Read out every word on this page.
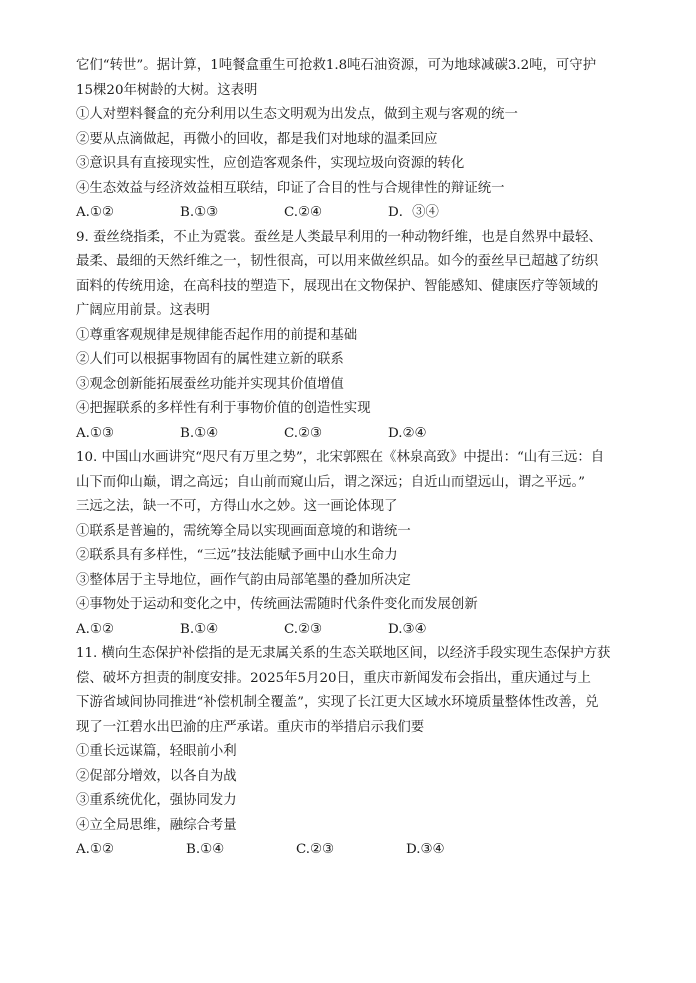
它们“转世”。据计算，1吨餐盒重生可抢救1.8吨石油资源，可为地球减碳3.2吨，可守护
15棵20年树龄的大树。这表明
①人对塑料餐盒的充分利用以生态文明观为出发点，做到主观与客观的统一
②要从点滴做起，再微小的回收，都是我们对地球的温柔回应
③意识具有直接现实性，应创造客观条件，实现垃圾向资源的转化
④生态效益与经济效益相互联结，印证了合目的性与合规律性的辩证统一
A.①②	B.①③	C.②④	D．③④
9. 蚕丝绕指柔，不止为霓裳。蚕丝是人类最早利用的一种动物纤维，也是自然界中最轻、
最柔、最细的天然纤维之一，韧性很高，可以用来做丝织品。如今的蚕丝早已超越了纺织
面料的传统用途，在高科技的塑造下，展现出在文物保护、智能感知、健康医疗等领域的
广阔应用前景。这表明
①尊重客观规律是规律能否起作用的前提和基础
②人们可以根据事物固有的属性建立新的联系
③观念创新能拓展蚕丝功能并实现其价值增值
④把握联系的多样性有利于事物价值的创造性实现
A.①③	B.①④	C.②③	D.②④
10. 中国山水画讲究“咫尺有万里之势”，北宋郭熙在《林泉高致》中提出：“山有三远：自
山下而仰山巅，谓之高远；自山前而窥山后，谓之深远；自近山而望远山，谓之平远。”
三远之法，缺一不可，方得山水之妙。这一画论体现了
①联系是普遍的，需统筹全局以实现画面意境的和谐统一
②联系具有多样性，“三远”技法能赋予画中山水生命力
③整体居于主导地位，画作气韵由局部笔墨的叠加所决定
④事物处于运动和变化之中，传统画法需随时代条件变化而发展创新
A.①②	B.①④	C.②③	D.③④
11. 横向生态保护补偿指的是无隶属关系的生态关联地区间，以经济手段实现生态保护方获
偿、破坏方担责的制度安排。2025年5月20日，重庆市新闻发布会指出，重庆通过与上
下游省域间协同推进“补偿机制全覆盖”，实现了长江更大区域水环境质量整体性改善，兑
现了一江碧水出巴渝的庄严承诺。重庆市的举措启示我们要
①重长远谋篇，轻眼前小利
②促部分增效，以各自为战
③重系统优化，强协同发力
④立全局思维，融综合考量
A.①②	B.①④	C.②③	D.③④
